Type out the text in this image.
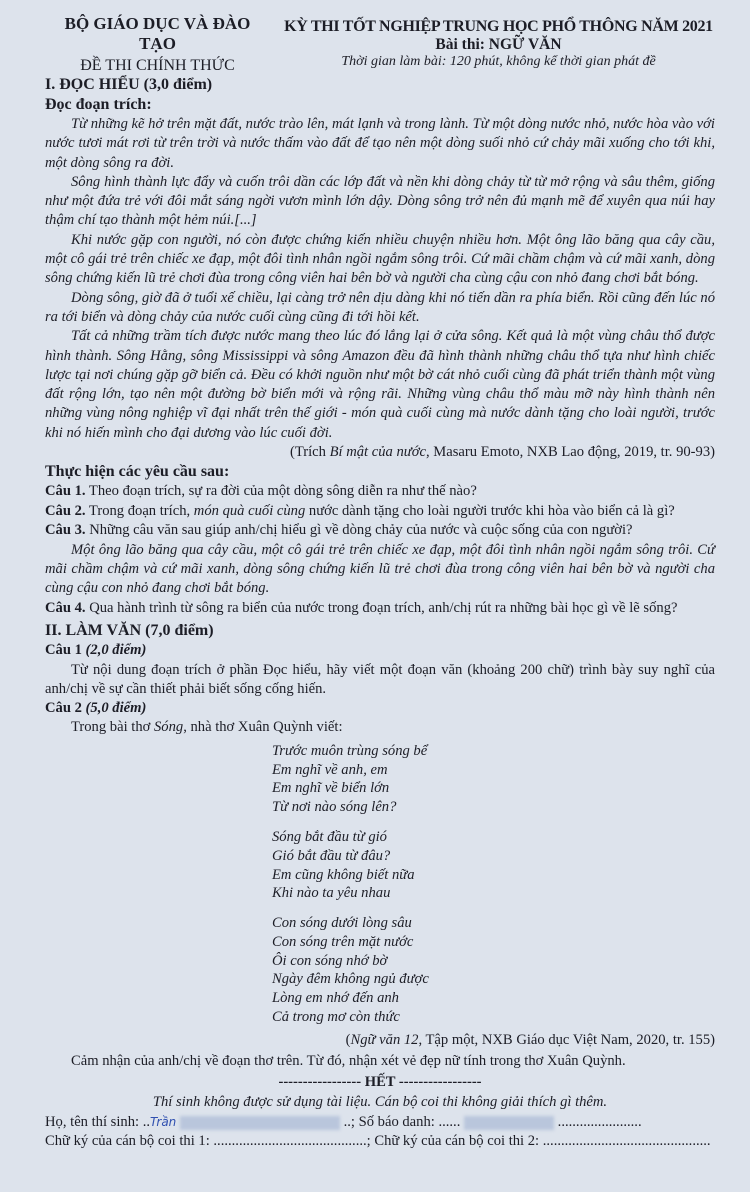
BỘ GIÁO DỤC VÀ ĐÀO TẠO
ĐỀ THI CHÍNH THỨC
KỲ THI TỐT NGHIỆP TRUNG HỌC PHỔ THÔNG NĂM 2021
Bài thi: NGỮ VĂN
Thời gian làm bài: 120 phút, không kể thời gian phát đề
I. ĐỌC HIỂU (3,0 điểm)
Đọc đoạn trích:
Từ những kẽ hở trên mặt đất, nước trào lên, mát lạnh và trong lành. Từ một dòng nước nhỏ, nước hòa vào với nước tươi mát rơi từ trên trời và nước thấm vào đất để tạo nên một dòng suối nhỏ cứ chảy mãi xuống cho tới khi, một dòng sông ra đời.
Sông hình thành lực đẩy và cuốn trôi dần các lớp đất và nền khi dòng chảy từ từ mở rộng và sâu thêm, giống như một đứa trẻ với đôi mắt sáng ngời vươn mình lớn dậy. Dòng sông trở nên đủ mạnh mẽ để xuyên qua núi hay thậm chí tạo thành một hẻm núi.[...]
Khi nước gặp con người, nó còn được chứng kiến nhiều chuyện nhiều hơn. Một ông lão băng qua cây cầu, một cô gái trẻ trên chiếc xe đạp, một đôi tình nhân ngồi ngắm sông trôi. Cứ mãi chầm chậm và cứ mãi xanh, dòng sông chứng kiến lũ trẻ chơi đùa trong công viên hai bên bờ và người cha cùng cậu con nhỏ đang chơi bắt bóng.
Dòng sông, giờ đã ở tuổi xế chiều, lại càng trở nên dịu dàng khi nó tiến dần ra phía biển. Rồi cũng đến lúc nó ra tới biển và dòng chảy của nước cuối cùng cũng đi tới hồi kết.
Tất cả những trầm tích được nước mang theo lúc đó lắng lại ở cửa sông. Kết quả là một vùng châu thổ được hình thành. Sông Hằng, sông Mississippi và sông Amazon đều đã hình thành những châu thổ tựa như hình chiếc lược tại nơi chúng gặp gỡ biển cả. Đều có khởi nguồn như một bờ cát nhỏ cuối cùng đã phát triển thành một vùng đất rộng lớn, tạo nên một đường bờ biển mới và rộng rãi. Những vùng châu thổ màu mỡ này hình thành nên những vùng nông nghiệp vĩ đại nhất trên thế giới - món quà cuối cùng mà nước dành tặng cho loài người, trước khi nó hiến mình cho đại dương vào lúc cuối đời.
(Trích Bí mật của nước, Masaru Emoto, NXB Lao động, 2019, tr. 90-93)
Thực hiện các yêu cầu sau:
Câu 1. Theo đoạn trích, sự ra đời của một dòng sông diễn ra như thế nào?
Câu 2. Trong đoạn trích, món quà cuối cùng nước dành tặng cho loài người trước khi hòa vào biển cả là gì?
Câu 3. Những câu văn sau giúp anh/chị hiểu gì về dòng chảy của nước và cuộc sống của con người?
Một ông lão băng qua cây cầu, một cô gái trẻ trên chiếc xe đạp, một đôi tình nhân ngồi ngắm sông trôi. Cứ mãi chầm chậm và cứ mãi xanh, dòng sông chứng kiến lũ trẻ chơi đùa trong công viên hai bên bờ và người cha cùng cậu con nhỏ đang chơi bắt bóng.
Câu 4. Qua hành trình từ sông ra biển của nước trong đoạn trích, anh/chị rút ra những bài học gì về lẽ sống?
II. LÀM VĂN (7,0 điểm)
Câu 1 (2,0 điểm)
Từ nội dung đoạn trích ở phần Đọc hiểu, hãy viết một đoạn văn (khoảng 200 chữ) trình bày suy nghĩ của anh/chị về sự cần thiết phải biết sống cống hiến.
Câu 2 (5,0 điểm)
Trong bài thơ Sóng, nhà thơ Xuân Quỳnh viết:
Trước muôn trùng sóng bể
Em nghĩ về anh, em
Em nghĩ về biển lớn
Từ nơi nào sóng lên?
Sóng bắt đầu từ gió
Gió bắt đầu từ đâu?
Em cũng không biết nữa
Khi nào ta yêu nhau
Con sóng dưới lòng sâu
Con sóng trên mặt nước
Ôi con sóng nhớ bờ
Ngày đêm không ngủ được
Lòng em nhớ đến anh
Cả trong mơ còn thức
(Ngữ văn 12, Tập một, NXB Giáo dục Việt Nam, 2020, tr. 155)
Cảm nhận của anh/chị về đoạn thơ trên. Từ đó, nhận xét vẻ đẹp nữ tính trong thơ Xuân Quỳnh.
----------------- HẾT -----------------
Thí sinh không được sử dụng tài liệu. Cán bộ coi thi không giải thích gì thêm.
Họ, tên thí sinh: ..Trần	..; Số báo danh: ......	.......................
Chữ ký của cán bộ coi thi 1: ..........................................; Chữ ký của cán bộ coi thi 2: ..............................................
